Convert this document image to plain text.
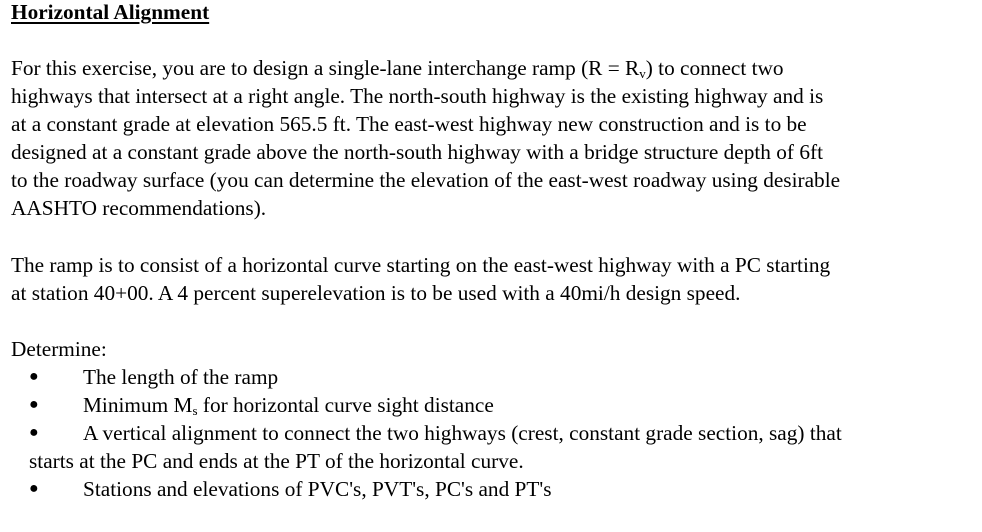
Horizontal Alignment
For this exercise, you are to design a single-lane interchange ramp $(R = R_v)$ to connect two
highways that intersect at a right angle. The north-south highway is the existing highway and is
at a constant grade at elevation 565.5 ft. The east-west highway new construction and is to be
designed at a constant grade above the north-south highway with a bridge structure depth of 6ft
to the roadway surface (you can determine the elevation of the east-west roadway using desirable
AASHTO recommendations).
The ramp is to consist of a horizontal curve starting on the east-west highway with a PC starting
at station 40+00. A 4 percent superelevation is to be used with a 40mi/h design speed.
Determine:
● The length of the ramp
● Minimum $M_s$ for horizontal curve sight distance
●	A vertical alignment to connect the two highways (crest, constant grade section, sag) that
starts at the PC and ends at the PT of the horizontal curve.
● Stations and elevations of PVC's, PVT's, PC's and PT's
